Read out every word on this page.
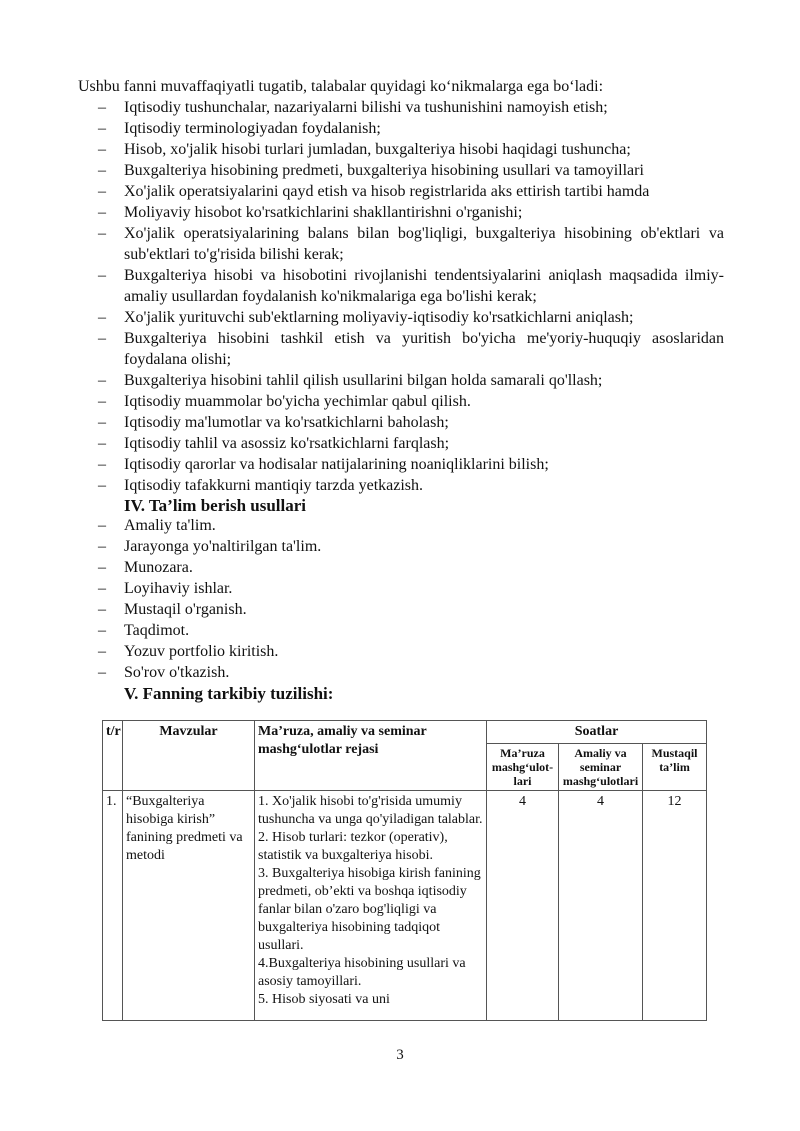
Ushbu fanni muvaffaqiyatli tugatib, talabalar quyidagi ko‘nikmalarga ega bo‘ladi:
– Iqtisodiy tushunchalar, nazariyalarni bilishi va tushunishini namoyish etish;
– Iqtisodiy terminologiyadan foydalanish;
– Hisob, xo'jalik hisobi turlari jumladan, buxgalteriya hisobi haqidagi tushuncha;
– Buxgalteriya hisobining predmeti, buxgalteriya hisobining usullari va tamoyillari
– Xo'jalik operatsiyalarini qayd etish va hisob registrlarida aks ettirish tartibi hamda
– Moliyaviy hisobot ko'rsatkichlarini shakllantirishni o'rganishi;
– Xo'jalik operatsiyalarining balans bilan bog'liqligi, buxgalteriya hisobining ob'ektlari va sub'ektlari to'g'risida bilishi kerak;
– Buxgalteriya hisobi va hisobotini rivojlanishi tendentsiyalarini aniqlash maqsadida ilmiy-amaliy usullardan foydalanish ko'nikmalariga ega bo'lishi kerak;
– Xo'jalik yurituvchi sub'ektlarning moliyaviy-iqtisodiy ko'rsatkichlarni aniqlash;
– Buxgalteriya hisobini tashkil etish va yuritish bo'yicha me'yoriy-huquqiy asoslaridan foydalana olishi;
– Buxgalteriya hisobini tahlil qilish usullarini bilgan holda samarali qo'llash;
– Iqtisodiy muammolar bo'yicha yechimlar qabul qilish.
– Iqtisodiy ma'lumotlar va ko'rsatkichlarni baholash;
– Iqtisodiy tahlil va asossiz ko'rsatkichlarni farqlash;
– Iqtisodiy qarorlar va hodisalar natijalarining noaniqliklarini bilish;
– Iqtisodiy tafakkurni mantiqiy tarzda yetkazish.
IV. Ta’lim berish usullari
– Amaliy ta'lim.
– Jarayonga yo'naltirilgan ta'lim.
– Munozara.
– Loyihaviy ishlar.
– Mustaqil o'rganish.
– Taqdimot.
– Yozuv portfolio kiritish.
– So'rov o'tkazish.
V. Fanning tarkibiy tuzilishi:
t/r	Mavzular	Ma’ruza, amaliy va seminar mashg‘ulotlar rejasi	Soatlar		
			Ma’ruza mashg‘ulot-lari	Amaliy va seminar mashg‘ulotlari	Mustaqil ta’lim
1.	“Buxgalteriya hisobiga kirish” fanining predmeti va metodi	1. Xo'jalik hisobi to'g'risida umumiy tushuncha va unga qo'yiladigan talablar.
2. Hisob turlari: tezkor (operativ), statistik va buxgalteriya hisobi.
3. Buxgalteriya hisobiga kirish fanining predmeti, ob’ekti va boshqa iqtisodiy fanlar bilan o'zaro bog'liqligi va buxgalteriya hisobining tadqiqot usullari.
4.Buxgalteriya hisobining usullari va asosiy tamoyillari.
5. Hisob siyosati va uni	4	4	12
3
